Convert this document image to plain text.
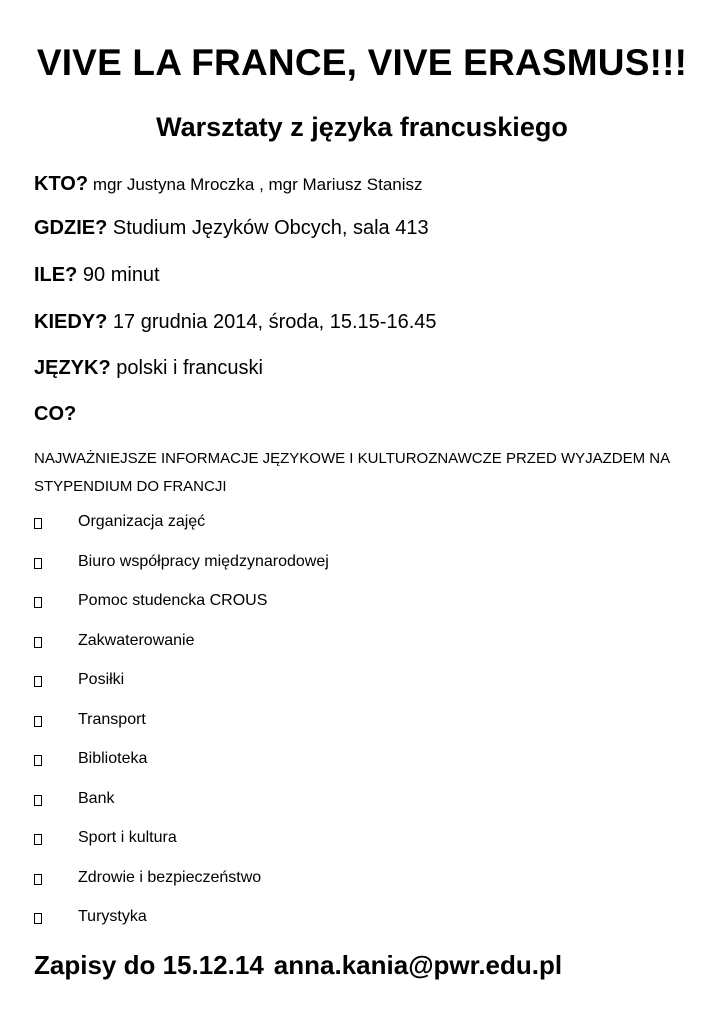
VIVE LA FRANCE, VIVE ERASMUS!!!
Warsztaty z języka francuskiego
KTO? mgr Justyna Mroczka , mgr Mariusz Stanisz
GDZIE? Studium Języków Obcych, sala 413
ILE? 90 minut
KIEDY? 17 grudnia 2014, środa, 15.15-16.45
JĘZYK? polski i francuski
CO?
NAJWAŻNIEJSZE INFORMACJE JĘZYKOWE I KULTUROZNAWCZE PRZED WYJAZDEM NA STYPENDIUM DO FRANCJI
Organizacja zajęć
Biuro współpracy międzynarodowej
Pomoc studencka CROUS
Zakwaterowanie
Posiłki
Transport
Biblioteka
Bank
Sport i kultura
Zdrowie i bezpieczeństwo
Turystyka
Zapisy do 15.12.14 anna.kania@pwr.edu.pl
